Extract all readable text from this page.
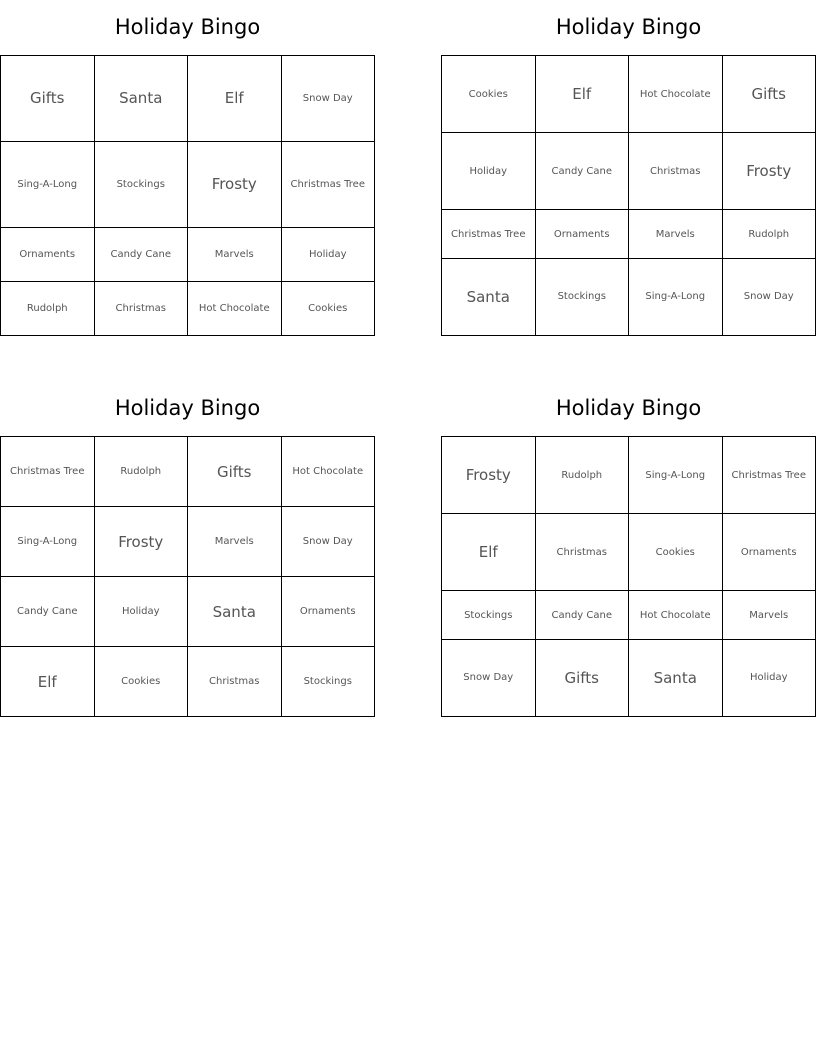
Holiday Bingo
Gifts	Santa	Elf	Snow Day
Sing-A-Long	Stockings	Frosty	Christmas Tree
Ornaments	Candy Cane	Marvels	Holiday
Rudolph	Christmas	Hot Chocolate	Cookies
Holiday Bingo
Cookies	Elf	Hot Chocolate	Gifts
Holiday	Candy Cane	Christmas	Frosty
Christmas Tree	Ornaments	Marvels	Rudolph
Santa	Stockings	Sing-A-Long	Snow Day
Holiday Bingo
Christmas Tree	Rudolph	Gifts	Hot Chocolate
Sing-A-Long	Frosty	Marvels	Snow Day
Candy Cane	Holiday	Santa	Ornaments
Elf	Cookies	Christmas	Stockings
Holiday Bingo
Frosty	Rudolph	Sing-A-Long	Christmas Tree
Elf	Christmas	Cookies	Ornaments
Stockings	Candy Cane	Hot Chocolate	Marvels
Snow Day	Gifts	Santa	Holiday
